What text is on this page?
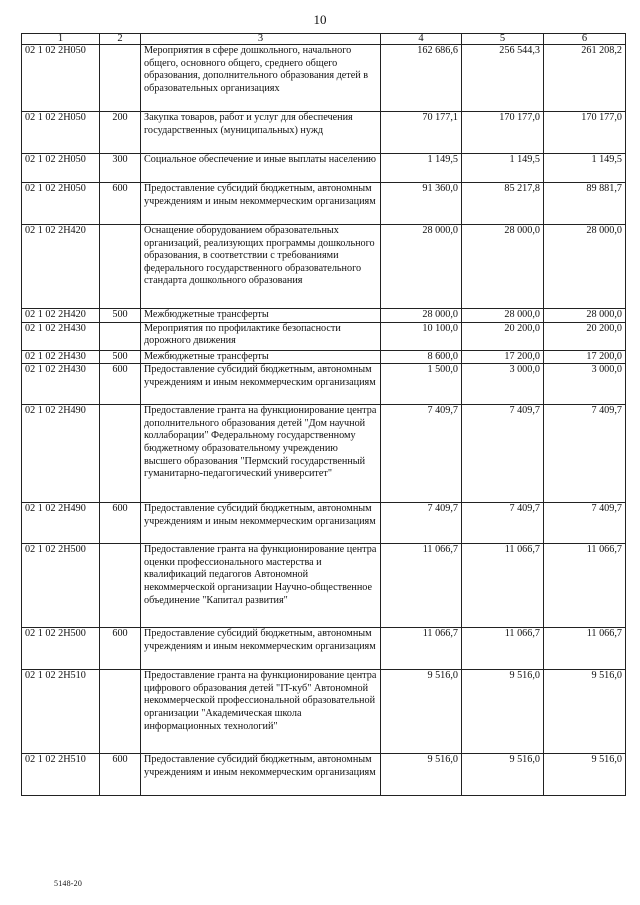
10
1	2	3	4	5	6
02 1 02 2Н050		Мероприятия в сфере дошкольного, начального общего, основного общего, среднего общего образования, дополнительного образования детей в образовательных организациях	162 686,6	256 544,3	261 208,2
02 1 02 2Н050	200	Закупка товаров, работ и услуг для обеспечения государственных (муниципальных) нужд	70 177,1	170 177,0	170 177,0
02 1 02 2Н050	300	Социальное обеспечение и иные выплаты населению	1 149,5	1 149,5	1 149,5
02 1 02 2Н050	600	Предоставление субсидий бюджетным, автономным учреждениям и иным некоммерческим организациям	91 360,0	85 217,8	89 881,7
02 1 02 2Н420		Оснащение оборудованием образовательных организаций, реализующих программы дошкольного образования, в соответствии с требованиями федерального государственного образовательного стандарта дошкольного образования	28 000,0	28 000,0	28 000,0
02 1 02 2Н420	500	Межбюджетные трансферты	28 000,0	28 000,0	28 000,0
02 1 02 2Н430		Мероприятия по профилактике безопасности дорожного движения	10 100,0	20 200,0	20 200,0
02 1 02 2Н430	500	Межбюджетные трансферты	8 600,0	17 200,0	17 200,0
02 1 02 2Н430	600	Предоставление субсидий бюджетным, автономным учреждениям и иным некоммерческим организациям	1 500,0	3 000,0	3 000,0
02 1 02 2Н490		Предоставление гранта на функционирование центра дополнительного образования детей "Дом научной коллаборации" Федеральному государственному бюджетному образовательному учреждению высшего образования "Пермский государственный гуманитарно-педагогический университет"	7 409,7	7 409,7	7 409,7
02 1 02 2Н490	600	Предоставление субсидий бюджетным, автономным учреждениям и иным некоммерческим организациям	7 409,7	7 409,7	7 409,7
02 1 02 2Н500		Предоставление гранта на функционирование центра оценки профессионального мастерства и квалификаций педагогов Автономной некоммерческой организации Научно-общественное объединение "Капитал развития"	11 066,7	11 066,7	11 066,7
02 1 02 2Н500	600	Предоставление субсидий бюджетным, автономным учреждениям и иным некоммерческим организациям	11 066,7	11 066,7	11 066,7
02 1 02 2Н510		Предоставление гранта на функционирование центра цифрового образования детей "IT-куб" Автономной некоммерческой профессиональной образовательной организации "Академическая школа информационных технологий"	9 516,0	9 516,0	9 516,0
02 1 02 2Н510	600	Предоставление субсидий бюджетным, автономным учреждениям и иным некоммерческим организациям	9 516,0	9 516,0	9 516,0
5148-20
